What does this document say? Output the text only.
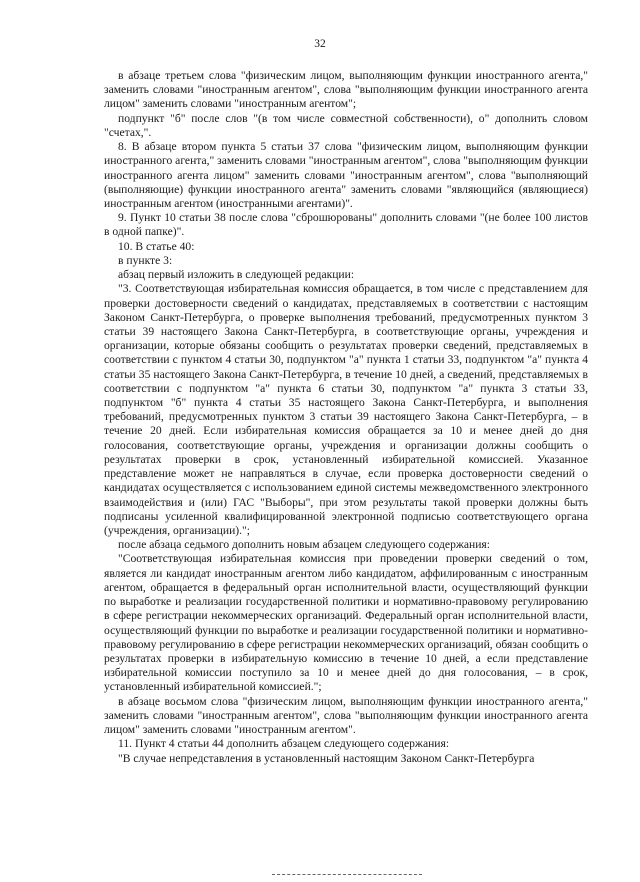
32

в абзаце третьем слова "физическим лицом, выполняющим функции иностранного агента," заменить словами "иностранным агентом", слова "выполняющим функции иностранного агента лицом" заменить словами "иностранным агентом";

подпункт "б" после слов "(в том числе совместной собственности), о" дополнить словом "счетах,".

8. В абзаце втором пункта 5 статьи 37 слова "физическим лицом, выполняющим функции иностранного агента," заменить словами "иностранным агентом", слова "выполняющим функции иностранного агента лицом" заменить словами "иностранным агентом", слова "выполняющий (выполняющие) функции иностранного агента" заменить словами "являющийся (являющиеся) иностранным агентом (иностранными агентами)".

9. Пункт 10 статьи 38 после слова "сброшюрованы" дополнить словами "(не более 100 листов в одной папке)".

10. В статье 40:

в пункте 3:

абзац первый изложить в следующей редакции:

"3. Соответствующая избирательная комиссия обращается, в том числе с представлением для проверки достоверности сведений о кандидатах, представляемых в соответствии с настоящим Законом Санкт-Петербурга, о проверке выполнения требований, предусмотренных пунктом 3 статьи 39 настоящего Закона Санкт-Петербурга, в соответствующие органы, учреждения и организации, которые обязаны сообщить о результатах проверки сведений, представляемых в соответствии с пунктом 4 статьи 30, подпунктом "а" пункта 1 статьи 33, подпунктом "а" пункта 4 статьи 35 настоящего Закона Санкт-Петербурга, в течение 10 дней, а сведений, представляемых в соответствии с подпунктом "а" пункта 6 статьи 30, подпунктом "а" пункта 3 статьи 33, подпунктом "б" пункта 4 статьи 35 настоящего Закона Санкт-Петербурга, и выполнения требований, предусмотренных пунктом 3 статьи 39 настоящего Закона Санкт-Петербурга, – в течение 20 дней. Если избирательная комиссия обращается за 10 и менее дней до дня голосования, соответствующие органы, учреждения и организации должны сообщить о результатах проверки в срок, установленный избирательной комиссией. Указанное представление может не направляться в случае, если проверка достоверности сведений о кандидатах осуществляется с использованием единой системы межведомственного электронного взаимодействия и (или) ГАС "Выборы", при этом результаты такой проверки должны быть подписаны усиленной квалифицированной электронной подписью соответствующего органа (учреждения, организации).";

после абзаца седьмого дополнить новым абзацем следующего содержания:

"Соответствующая избирательная комиссия при проведении проверки сведений о том, является ли кандидат иностранным агентом либо кандидатом, аффилированным с иностранным агентом, обращается в федеральный орган исполнительной власти, осуществляющий функции по выработке и реализации государственной политики и нормативно-правовому регулированию в сфере регистрации некоммерческих организаций. Федеральный орган исполнительной власти, осуществляющий функции по выработке и реализации государственной политики и нормативно-правовому регулированию в сфере регистрации некоммерческих организаций, обязан сообщить о результатах проверки в избирательную комиссию в течение 10 дней, а если представление избирательной комиссии поступило за 10 и менее дней до дня голосования, – в срок, установленный избирательной комиссией.";

в абзаце восьмом слова "физическим лицом, выполняющим функции иностранного агента," заменить словами "иностранным агентом", слова "выполняющим функции иностранного агента лицом" заменить словами "иностранным агентом".

11. Пункт 4 статьи 44 дополнить абзацем следующего содержания:

"В случае непредставления в установленный настоящим Законом Санкт-Петербурга
